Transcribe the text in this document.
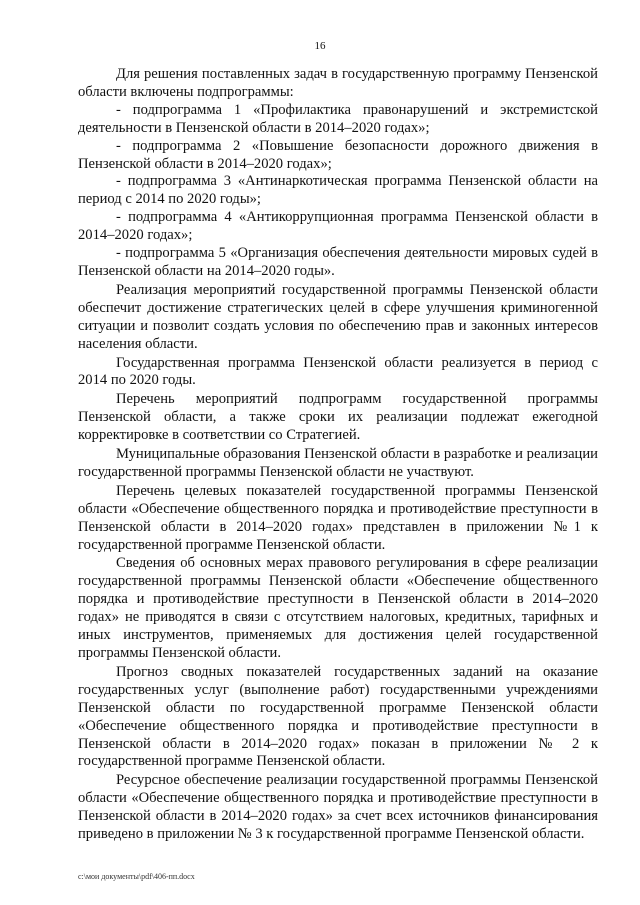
16

Для решения поставленных задач в государственную программу Пензенской области включены подпрограммы:

- подпрограмма 1 «Профилактика правонарушений и экстремистской деятельности в Пензенской области в 2014–2020 годах»;

- подпрограмма 2 «Повышение безопасности дорожного движения в Пензенской области в 2014–2020 годах»;

- подпрограмма 3 «Антинаркотическая программа Пензенской области на период с 2014 по 2020 годы»;

- подпрограмма 4 «Антикоррупционная программа Пензенской области в 2014–2020 годах»;

- подпрограмма 5 «Организация обеспечения деятельности мировых судей в Пензенской области на 2014–2020 годы».

Реализация мероприятий государственной программы Пензенской области обеспечит достижение стратегических целей в сфере улучшения криминогенной ситуации и позволит создать условия по обеспечению прав и законных интересов населения области.

Государственная программа Пензенской области реализуется в период с 2014 по 2020 годы.

Перечень мероприятий подпрограмм государственной программы Пензенской области, а также сроки их реализации подлежат ежегодной корректировке в соответствии со Стратегией.

Муниципальные образования Пензенской области в разработке и реализации государственной программы Пензенской области не участвуют.

Перечень целевых показателей государственной программы Пензенской области «Обеспечение общественного порядка и противодействие преступности в Пензенской области в 2014–2020 годах» представлен в приложении №1 к государственной программе Пензенской области.

Сведения об основных мерах правового регулирования в сфере реализации государственной программы Пензенской области «Обеспечение общественного порядка и противодействие преступности в Пензенской области в 2014–2020 годах» не приводятся в связи с отсутствием налоговых, кредитных, тарифных и иных инструментов, применяемых для достижения целей государственной программы Пензенской области.

Прогноз сводных показателей государственных заданий на оказание государственных услуг (выполнение работ) государственными учреждениями Пензенской области по государственной программе Пензенской области «Обеспечение общественного порядка и противодействие преступности в Пензенской области в 2014–2020 годах» показан в приложении № 2 к государственной программе Пензенской области.

Ресурсное обеспечение реализации государственной программы Пензенской области «Обеспечение общественного порядка и противодействие преступности в Пензенской области в 2014–2020 годах» за счет всех источников финансирования приведено в приложении № 3 к государственной программе Пензенской области.

c:\мои документы\pdf\406-пп.docx
